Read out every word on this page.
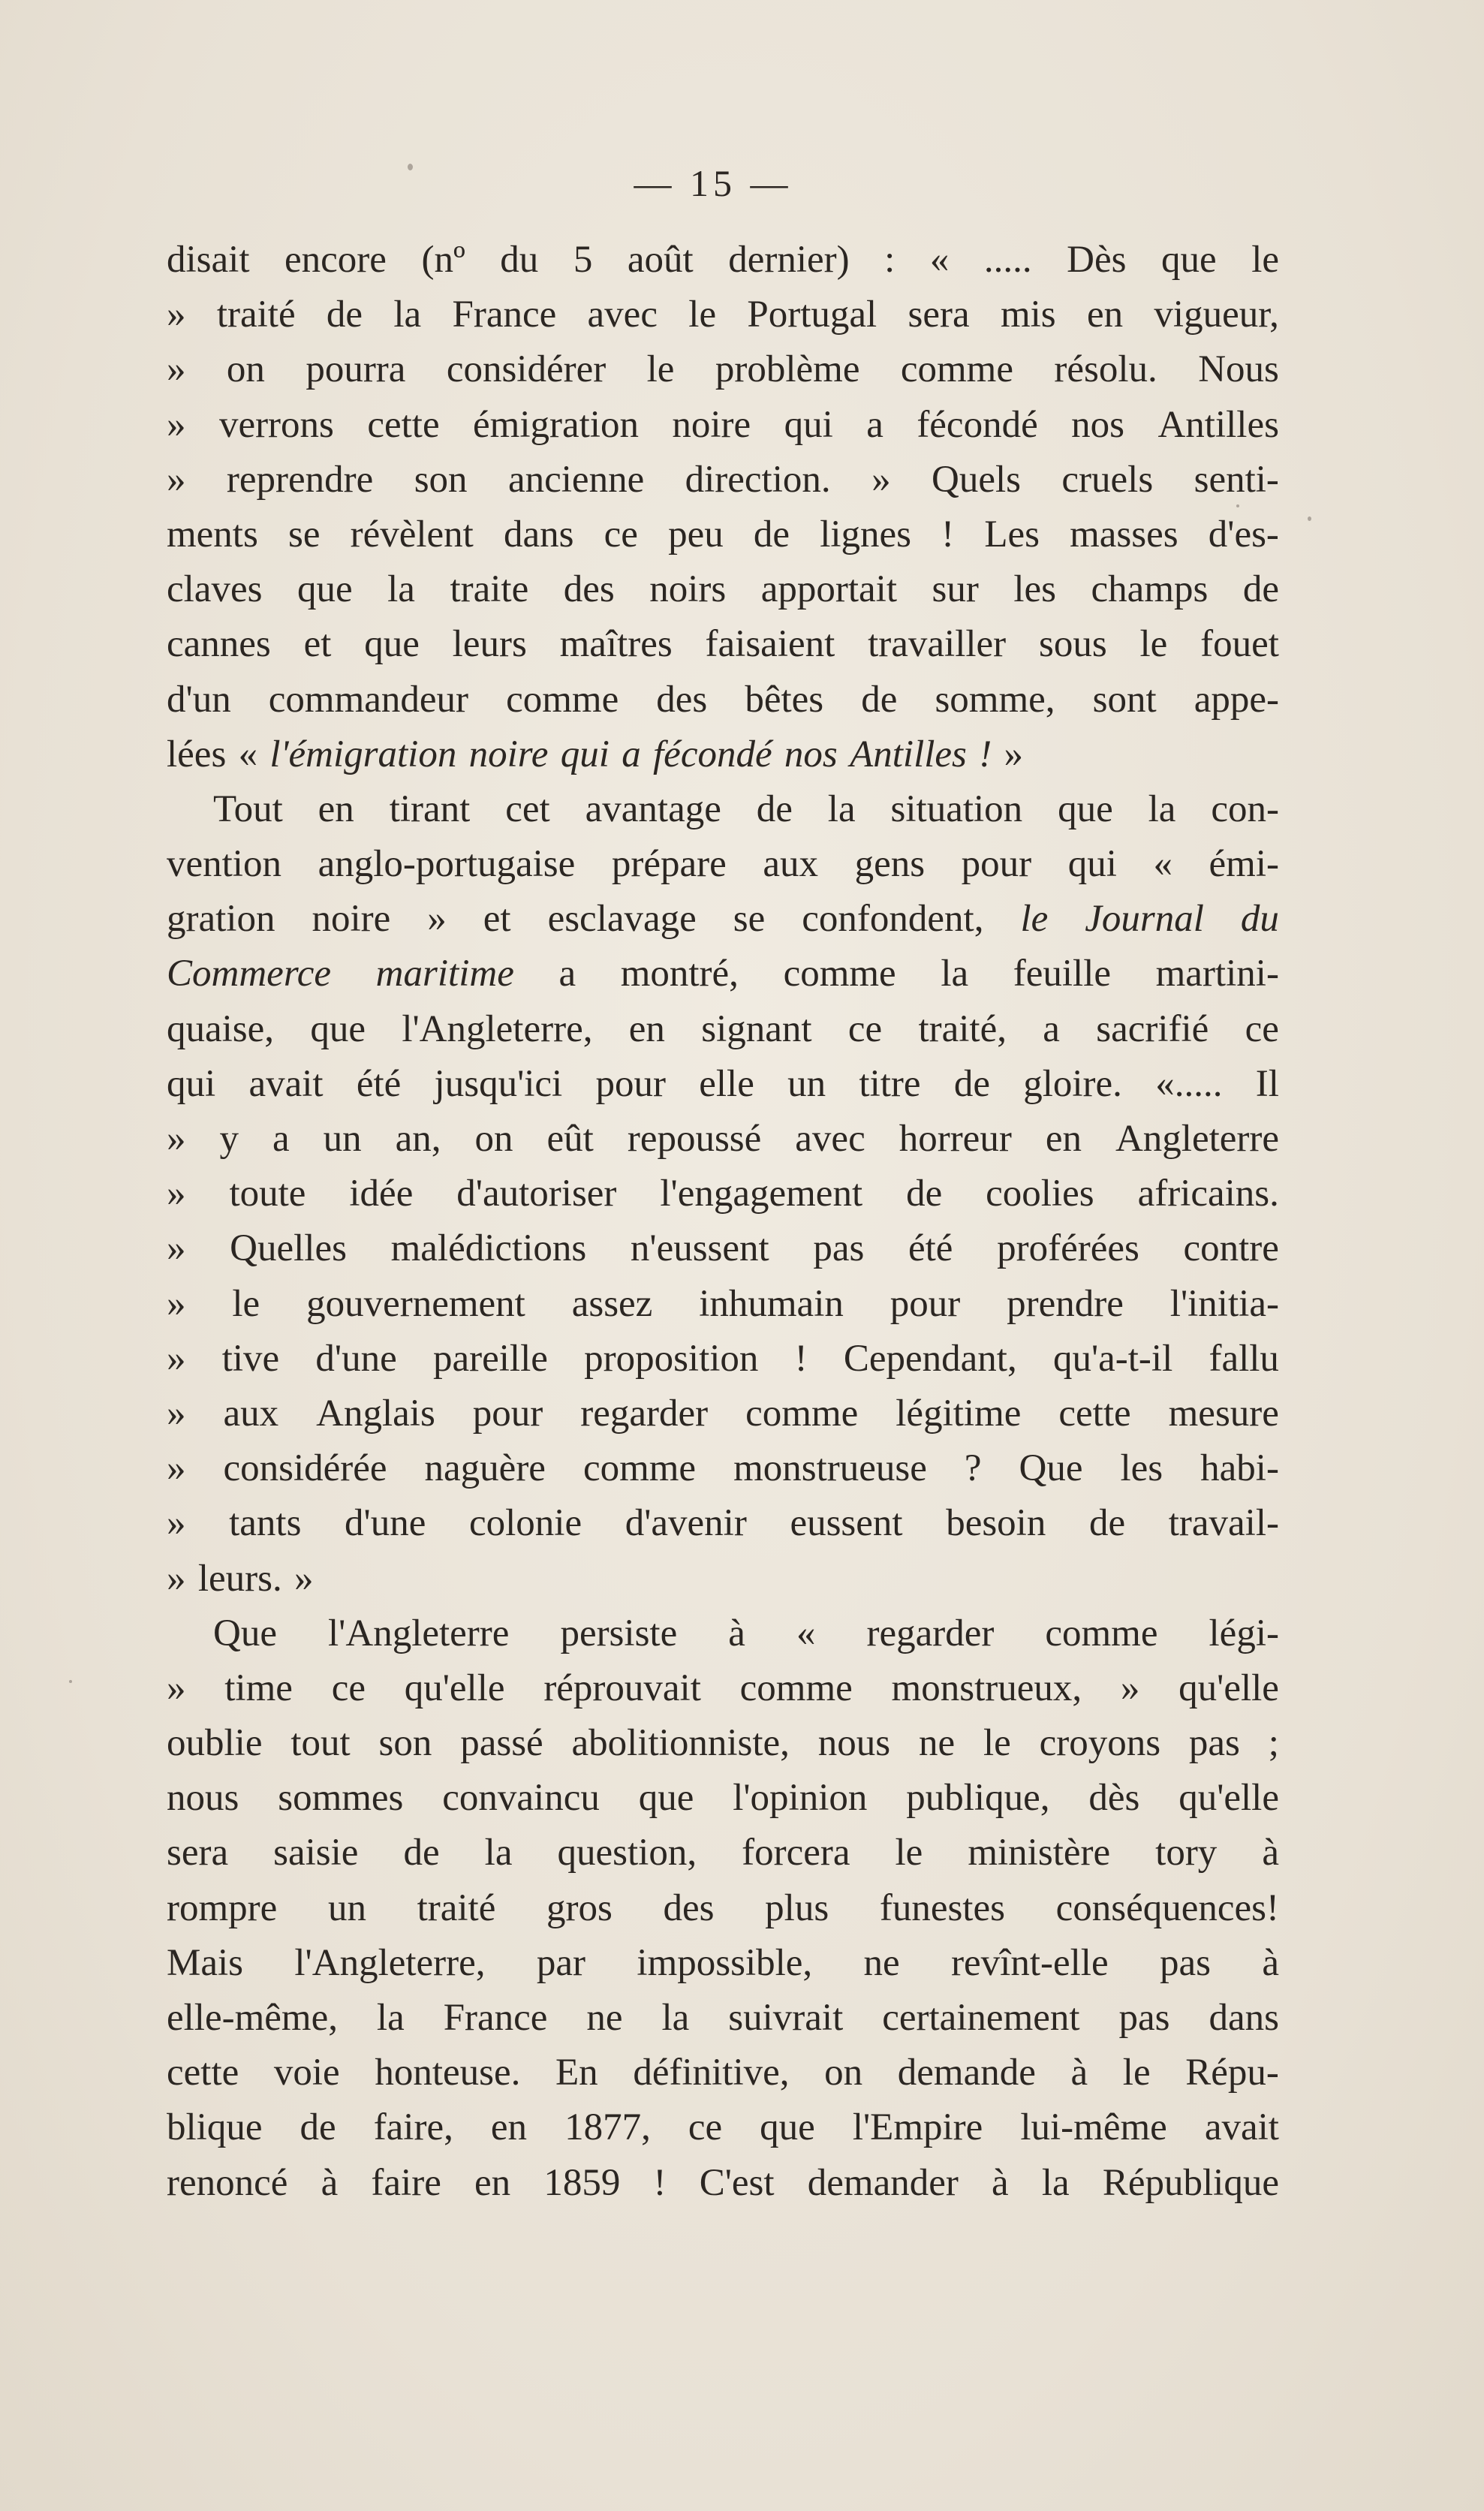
— 15 —
disait encore (nº du 5 août dernier) : « ..... Dès que le
» traité de la France avec le Portugal sera mis en vigueur,
» on pourra considérer le problème comme résolu. Nous
» verrons cette émigration noire qui a fécondé nos Antilles
» reprendre son ancienne direction. » Quels cruels senti-
ments se révèlent dans ce peu de lignes ! Les masses d'es-
claves que la traite des noirs apportait sur les champs de
cannes et que leurs maîtres faisaient travailler sous le fouet
d'un commandeur comme des bêtes de somme, sont appe-
lées « l'émigration noire qui a fécondé nos Antilles ! »
Tout en tirant cet avantage de la situation que la con-
vention anglo-portugaise prépare aux gens pour qui « émi-
gration noire » et esclavage se confondent, le Journal du
Commerce maritime a montré, comme la feuille martini-
quaise, que l'Angleterre, en signant ce traité, a sacrifié ce
qui avait été jusqu'ici pour elle un titre de gloire. «..... Il
» y a un an, on eût repoussé avec horreur en Angleterre
» toute idée d'autoriser l'engagement de coolies africains.
» Quelles malédictions n'eussent pas été proférées contre
» le gouvernement assez inhumain pour prendre l'initia-
» tive d'une pareille proposition ! Cependant, qu'a-t-il fallu
» aux Anglais pour regarder comme légitime cette mesure
» considérée naguère comme monstrueuse ? Que les habi-
» tants d'une colonie d'avenir eussent besoin de travail-
» leurs. »
Que l'Angleterre persiste à « regarder comme légi-
» time ce qu'elle réprouvait comme monstrueux, » qu'elle
oublie tout son passé abolitionniste, nous ne le croyons pas ;
nous sommes convaincu que l'opinion publique, dès qu'elle
sera saisie de la question, forcera le ministère tory à
rompre un traité gros des plus funestes conséquences!
Mais l'Angleterre, par impossible, ne revînt-elle pas à
elle-même, la France ne la suivrait certainement pas dans
cette voie honteuse. En définitive, on demande à le Répu-
blique de faire, en 1877, ce que l'Empire lui-même avait
renoncé à faire en 1859 ! C'est demander à la République
